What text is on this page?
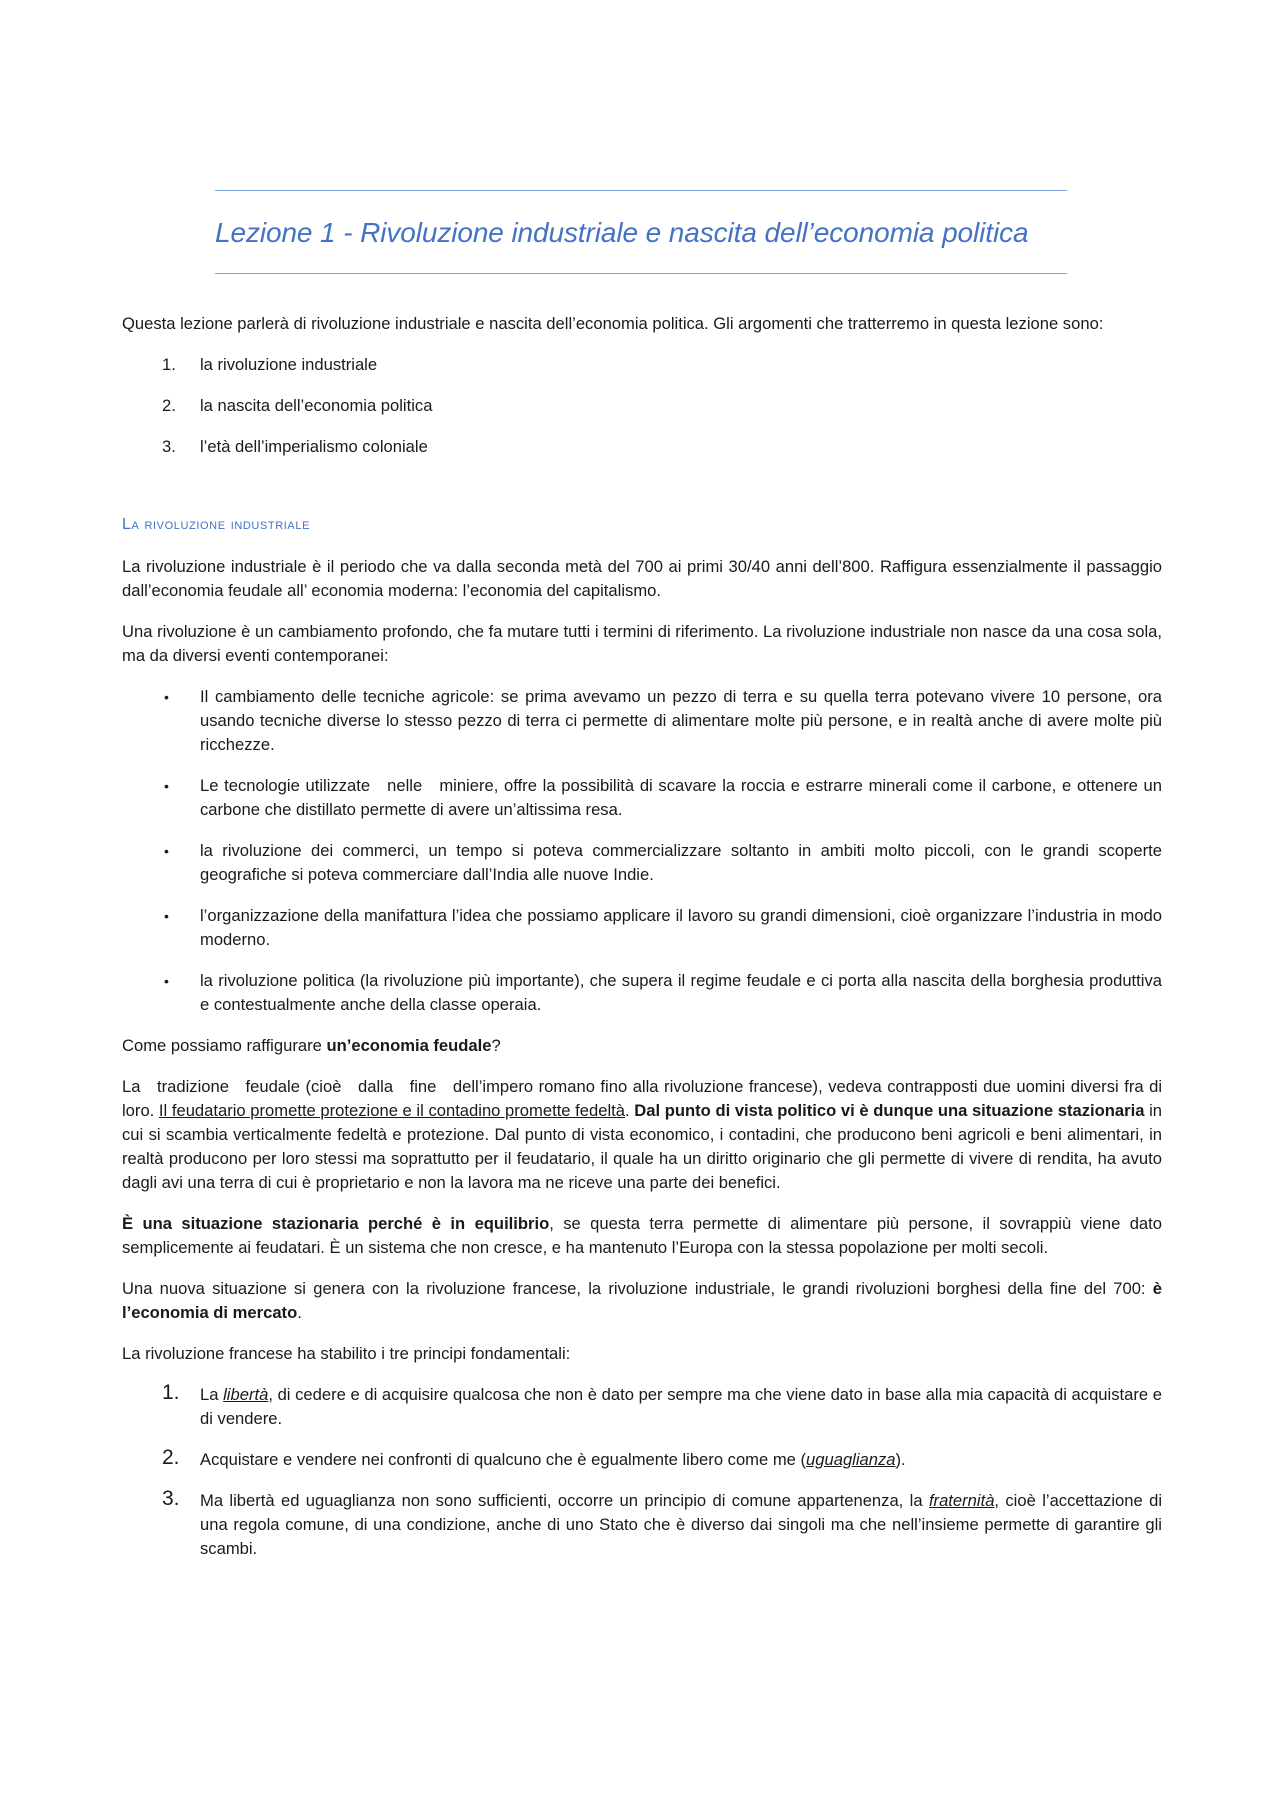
Lezione 1 - Rivoluzione industriale e nascita dell’economia politica

Questa lezione parlerà di rivoluzione industriale e nascita dell’economia politica. Gli argomenti che tratterremo in questa lezione sono:

1. la rivoluzione industriale
2. la nascita dell’economia politica
3. l’età dell’imperialismo coloniale
La rivoluzione industriale

La rivoluzione industriale è il periodo che va dalla seconda metà del 700 ai primi 30/40 anni dell’800. Raffigura essenzialmente il passaggio dall’economia feudale all’ economia moderna: l’economia del capitalismo.

Una rivoluzione è un cambiamento profondo, che fa mutare tutti i termini di riferimento. La rivoluzione industriale non nasce da una cosa sola, ma da diversi eventi contemporanei:

• Il cambiamento delle tecniche agricole: se prima avevamo un pezzo di terra e su quella terra potevano vivere 10 persone, ora usando tecniche diverse lo stesso pezzo di terra ci permette di alimentare molte più persone, e in realtà anche di avere molte più ricchezze.
• Le tecnologie utilizzate   nelle   miniere, offre la possibilità di scavare la roccia e estrarre minerali come il carbone, e ottenere un carbone che distillato permette di avere un’altissima resa.
• la rivoluzione dei commerci, un tempo si poteva commercializzare soltanto in ambiti molto piccoli, con le grandi scoperte geografiche si poteva commerciare dall’India alle nuove Indie.
• l’organizzazione della manifattura l’idea che possiamo applicare il lavoro su grandi dimensioni, cioè organizzare l’industria in modo moderno.
• la rivoluzione politica (la rivoluzione più importante), che supera il regime feudale e ci porta alla nascita della borghesia produttiva e contestualmente anche della classe operaia.

Come possiamo raffigurare un’economia feudale?

La   tradizione   feudale (cioè   dalla   fine   dell’impero romano fino alla rivoluzione francese), vedeva contrapposti due uomini diversi fra di loro. Il feudatario promette protezione e il contadino promette fedeltà. Dal punto di vista politico vi è dunque una situazione stazionaria in cui si scambia verticalmente fedeltà e protezione. Dal punto di vista economico, i contadini, che producono beni agricoli e beni alimentari, in realtà producono per loro stessi ma soprattutto per il feudatario, il quale ha un diritto originario che gli permette di vivere di rendita, ha avuto dagli avi una terra di cui è proprietario e non la lavora ma ne riceve una parte dei benefici.

È una situazione stazionaria perché è in equilibrio, se questa terra permette di alimentare più persone, il sovrappiù viene dato semplicemente ai feudatari. È un sistema che non cresce, e ha mantenuto l’Europa con la stessa popolazione per molti secoli.

Una nuova situazione si genera con la rivoluzione francese, la rivoluzione industriale, le grandi rivoluzioni borghesi della fine del 700: è l’economia di mercato.

La rivoluzione francese ha stabilito i tre principi fondamentali:

1. La libertà, di cedere e di acquisire qualcosa che non è dato per sempre ma che viene dato in base alla mia capacità di acquistare e di vendere.
2. Acquistare e vendere nei confronti di qualcuno che è egualmente libero come me (uguaglianza).
3. Ma libertà ed uguaglianza non sono sufficienti, occorre un principio di comune appartenenza, la fraternità, cioè l’accettazione di una regola comune, di una condizione, anche di uno Stato che è diverso dai singoli ma che nell’insieme permette di garantire gli scambi.
